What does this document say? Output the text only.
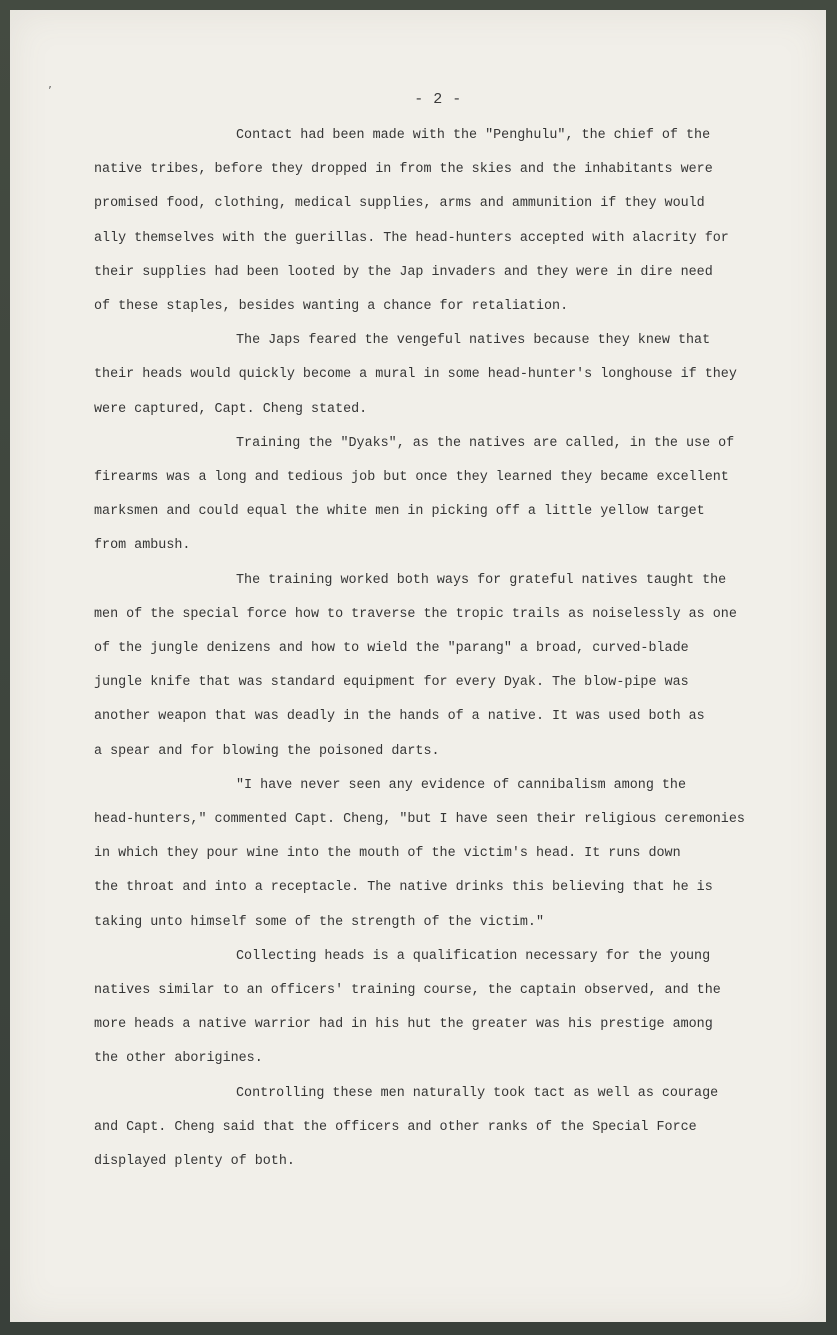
’	- 2 -
Contact had been made with the "Penghulu", the chief of the
native tribes, before they dropped in from the skies and the inhabitants were
promised food, clothing, medical supplies, arms and ammunition if they would
ally themselves with the guerillas. The head-hunters accepted with alacrity for
their supplies had been looted by the Jap invaders and they were in dire need
of these staples, besides wanting a chance for retaliation.
The Japs feared the vengeful natives because they knew that
their heads would quickly become a mural in some head-hunter's longhouse if they
were captured, Capt. Cheng stated.
Training the "Dyaks", as the natives are called, in the use of
firearms was a long and tedious job but once they learned they became excellent
marksmen and could equal the white men in picking off a little yellow target
from ambush.
The training worked both ways for grateful natives taught the
men of the special force how to traverse the tropic trails as noiselessly as one
of the jungle denizens and how to wield the "parang" a broad, curved-blade
jungle knife that was standard equipment for every Dyak. The blow-pipe was
another weapon that was deadly in the hands of a native. It was used both as
a spear and for blowing the poisoned darts.
"I have never seen any evidence of cannibalism among the
head-hunters," commented Capt. Cheng, "but I have seen their religious ceremonies
in which they pour wine into the mouth of the victim's head. It runs down
the throat and into a receptacle. The native drinks this believing that he is
taking unto himself some of the strength of the victim."
Collecting heads is a qualification necessary for the young
natives similar to an officers' training course, the captain observed, and the
more heads a native warrior had in his hut the greater was his prestige among
the other aborigines.
Controlling these men naturally took tact as well as courage
and Capt. Cheng said that the officers and other ranks of the Special Force
displayed plenty of both.
